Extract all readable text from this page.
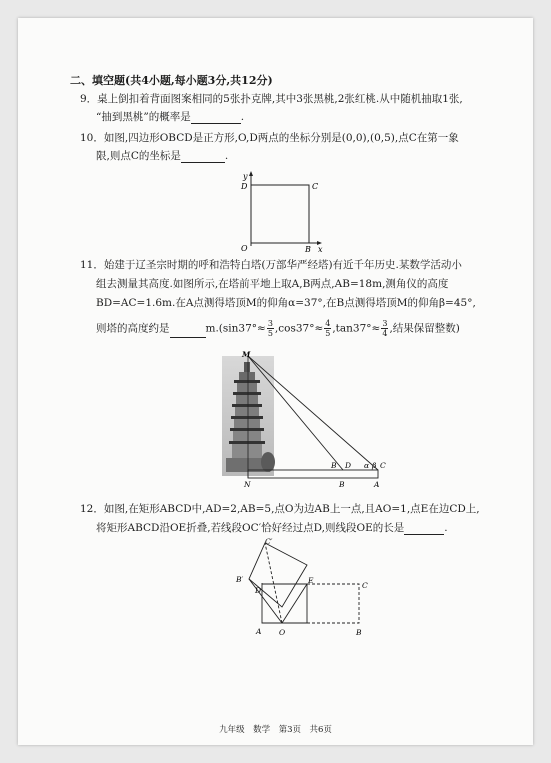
二、填空题(共4小题,每小题3分,共12分)
9．桌上倒扣着背面图案相同的5张扑克牌,其中3张黑桃,2张红桃.从中随机抽取1张,
“抽到黑桃”的概率是	.
10．如图,四边形OBCD是正方形,O,D两点的坐标分别是(0,0),(0,5),点C在第一象
限,则点C的坐标是	.
y
D	C
O	B x
11．始建于辽圣宗时期的呼和浩特白塔(万部华严经塔)有近千年历史.某数学活动小
组去测量其高度.如图所示,在塔前平地上取A,B两点,AB=18m,测角仪的高度
BD=AC=1.6m.在A点测得塔顶M的仰角α=37°,在B点测得塔顶M的仰角β=45°,
则塔的高度约是	$m.(\sin 37^\circ\approx \frac{3}{5} ,\cos 37^\circ\approx \frac{4}{5} ,\tan 37^\circ\approx \frac{3}{4}$ ,结果保留整数)
M
N	B	A
B D α β C
12．如图,在矩形ABCD中,AD=2,AB=5,点O为边AB上一点,且AO=1,点E在边CD上,
将矩形ABCD沿OE折叠,若线段OC′恰好经过点D,则线段OE的长是	.
C′
B′
D
E
C
A O	B
九年级　数学　第3页　共6页
